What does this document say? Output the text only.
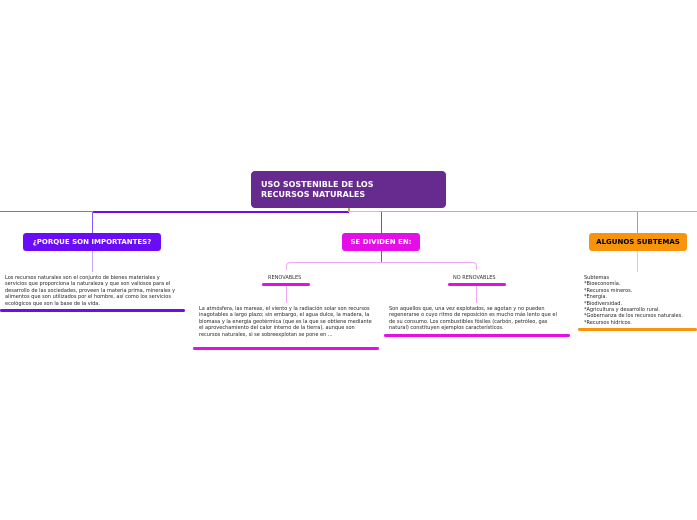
USO SOSTENIBLE DE LOS
RECURSOS NATURALES
¿PORQUE SON IMPORTANTES?
Los recursos naturales son el conjunto de bienes materiales y servicios que proporciona la naturaleza y que son valiosos para el desarrollo de las sociedades, proveen la materia prima, minerales y alimentos que son utilizados por el hombre, así como los servicios ecológicos que son la base de la vida.
SE DIVIDEN EN:
RENOVABLES
La atmósfera, las mareas, el viento y la radiación solar son recursos inagotables a largo plazo; sin embargo, el agua dulce, la madera, la biomasa y la energía geotérmica (que es la que se obtiene mediante el aprovechamiento del calor interno de la tierra), aunque son recursos naturales, si se sobreexplotan se pone en ...
NO RENOVABLES
Son aquellos que, una vez explotados, se agotan y no pueden regenerarse o cuyo ritmo de reposición es mucho más lento que el de su consumo. Los combustibles fósiles (carbón, petróleo, gas natural) constituyen ejemplos característicos.
ALGUNOS SUBTEMAS
Subtemas
*Bioeconomía.
*Recursos mineros.
*Energía.
*Biodiversidad.
*Agricultura y desarrollo rural.
*Gobernanza de los recursos naturales.
*Recursos hídricos.
